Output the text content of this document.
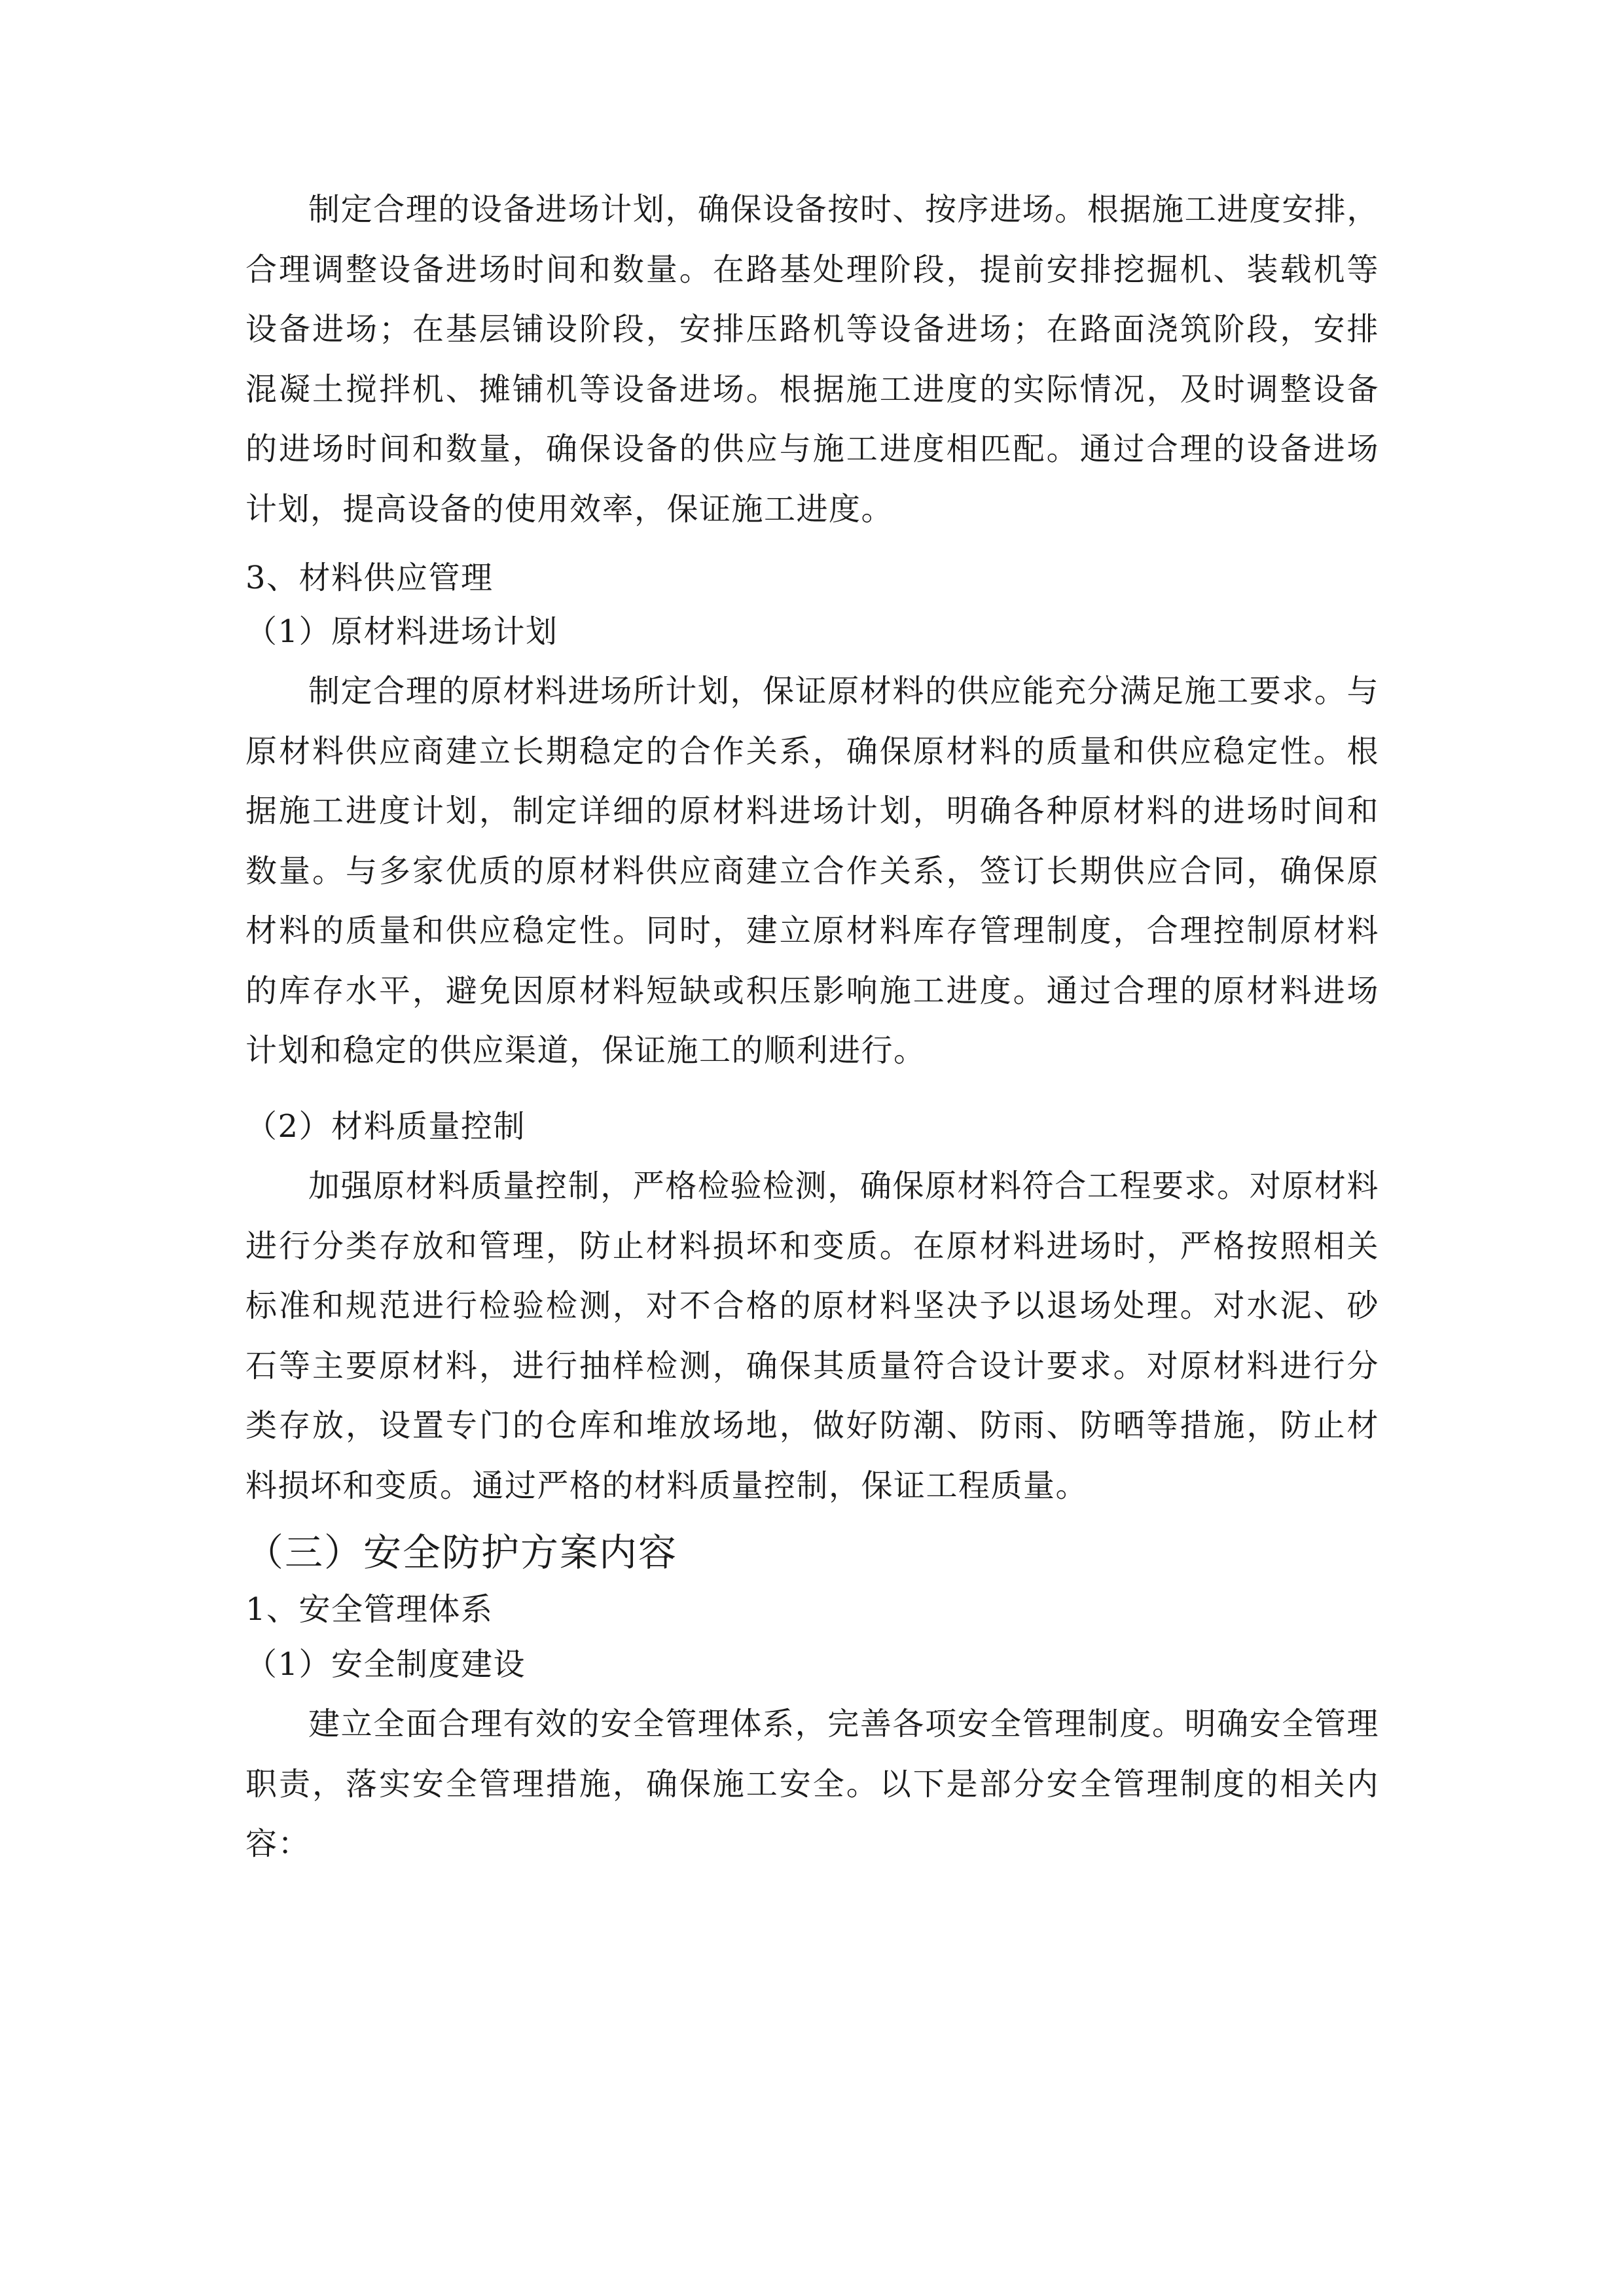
制定合理的设备进场计划，确保设备按时、按序进场。根据施工进度安排，合理调整设备进场时间和数量。在路基处理阶段，提前安排挖掘机、装载机等设备进场；在基层铺设阶段，安排压路机等设备进场；在路面浇筑阶段，安排混凝土搅拌机、摊铺机等设备进场。根据施工进度的实际情况，及时调整设备的进场时间和数量，确保设备的供应与施工进度相匹配。通过合理的设备进场计划，提高设备的使用效率，保证施工进度。

3、材料供应管理

（1）原材料进场计划

制定合理的原材料进场所计划，保证原材料的供应能充分满足施工要求。与原材料供应商建立长期稳定的合作关系，确保原材料的质量和供应稳定性。根据施工进度计划，制定详细的原材料进场计划，明确各种原材料的进场时间和数量。与多家优质的原材料供应商建立合作关系，签订长期供应合同，确保原材料的质量和供应稳定性。同时，建立原材料库存管理制度，合理控制原材料的库存水平，避免因原材料短缺或积压影响施工进度。通过合理的原材料进场计划和稳定的供应渠道，保证施工的顺利进行。

（2）材料质量控制

加强原材料质量控制，严格检验检测，确保原材料符合工程要求。对原材料进行分类存放和管理，防止材料损坏和变质。在原材料进场时，严格按照相关标准和规范进行检验检测，对不合格的原材料坚决予以退场处理。对水泥、砂石等主要原材料，进行抽样检测，确保其质量符合设计要求。对原材料进行分类存放，设置专门的仓库和堆放场地，做好防潮、防雨、防晒等措施，防止材料损坏和变质。通过严格的材料质量控制，保证工程质量。

（三）安全防护方案内容

1、安全管理体系

（1）安全制度建设

建立全面合理有效的安全管理体系，完善各项安全管理制度。明确安全管理职责，落实安全管理措施，确保施工安全。以下是部分安全管理制度的相关内容：
